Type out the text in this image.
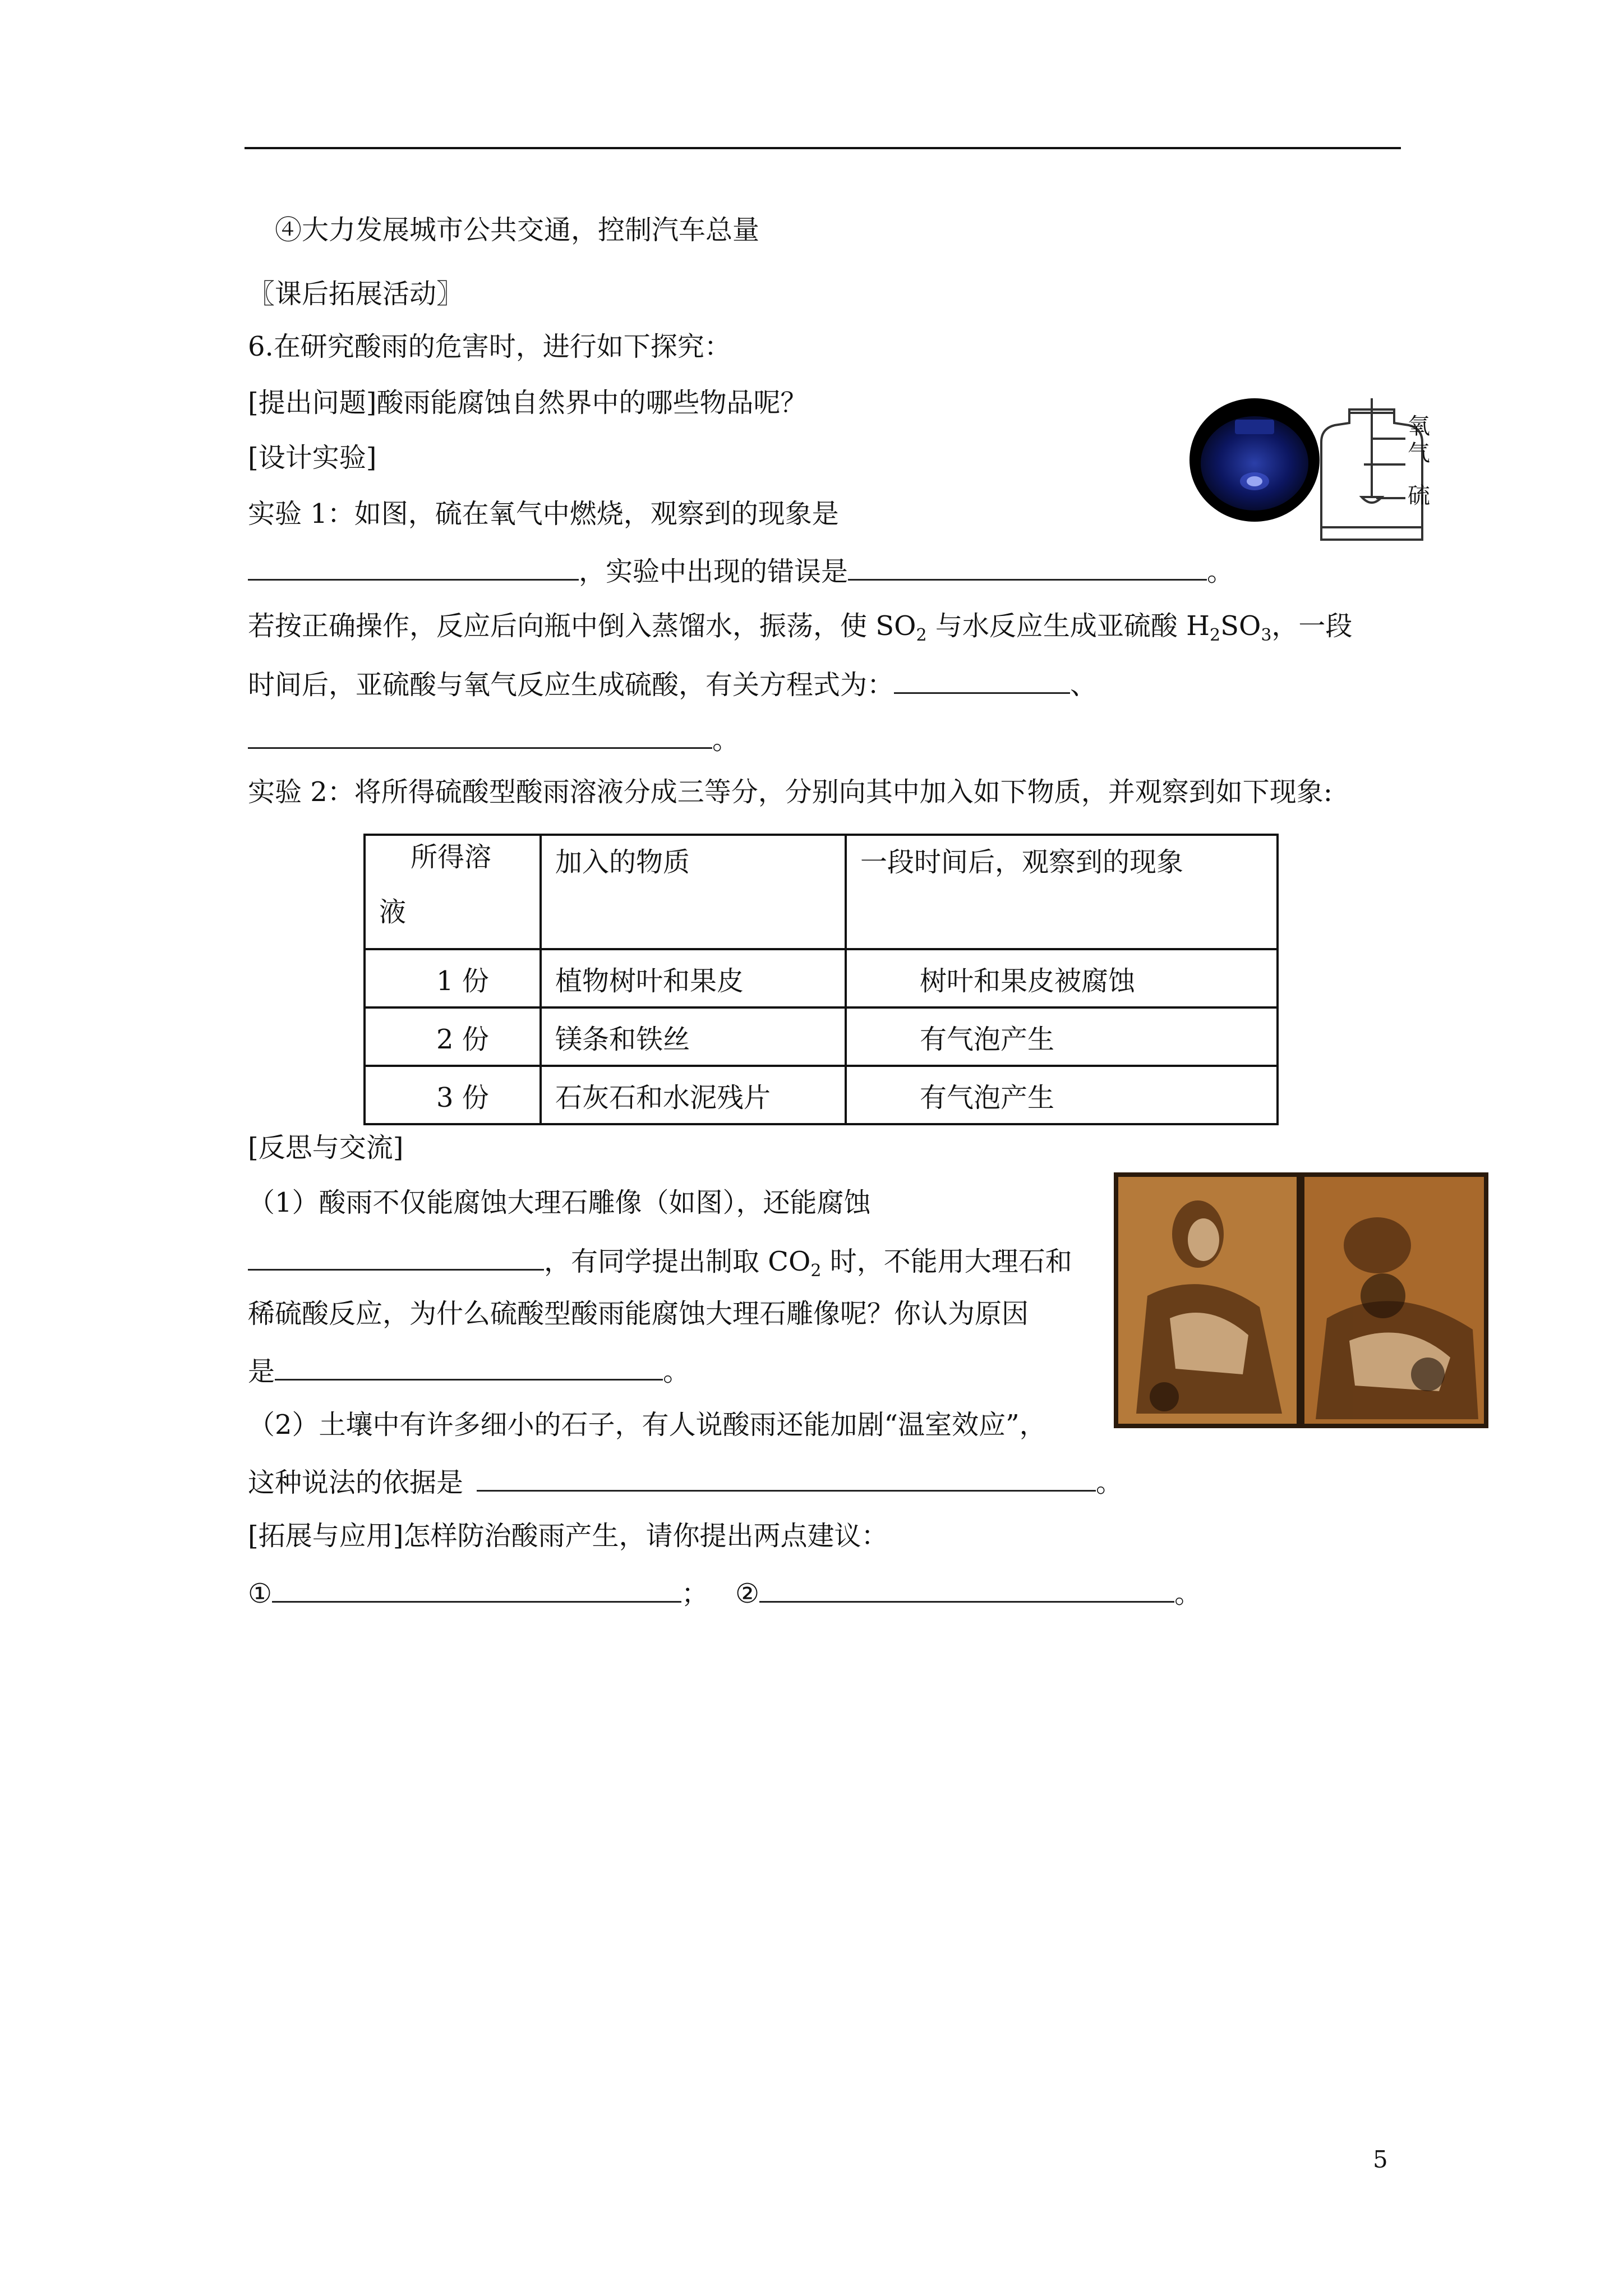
④大力发展城市公共交通，控制汽车总量
〖课后拓展活动〗
6.在研究酸雨的危害时，进行如下探究：
[提出问题]酸雨能腐蚀自然界中的哪些物品呢？
[设计实验]
实验 1：如图，硫在氧气中燃烧，观察到的现象是
氧
气
硫
，实验中出现的错误是	。
若按正确操作，反应后向瓶中倒入蒸馏水，振荡，使 $SO_2$ 与水反应生成亚硫酸 $H_2SO_3$，一段
时间后，亚硫酸与氧气反应生成硫酸，有关方程式为：	、
。
实验 2：将所得硫酸型酸雨溶液分成三等分，分别向其中加入如下物质，并观察到如下现象:
所得溶
液	加入的物质	一段时间后，观察到的现象
1 份	植物树叶和果皮	树叶和果皮被腐蚀
2 份	镁条和铁丝	有气泡产生
3 份	石灰石和水泥残片	有气泡产生
[反思与交流]
（1）酸雨不仅能腐蚀大理石雕像（如图），还能腐蚀
，有同学提出制取 $CO_2$ 时，不能用大理石和
稀硫酸反应，为什么硫酸型酸雨能腐蚀大理石雕像呢？你认为原因
是	。
（2）土壤中有许多细小的石子，有人说酸雨还能加剧“温室效应”，
这种说法的依据是	。
[拓展与应用]怎样防治酸雨产生，请你提出两点建议：
①	； ②	。
5
